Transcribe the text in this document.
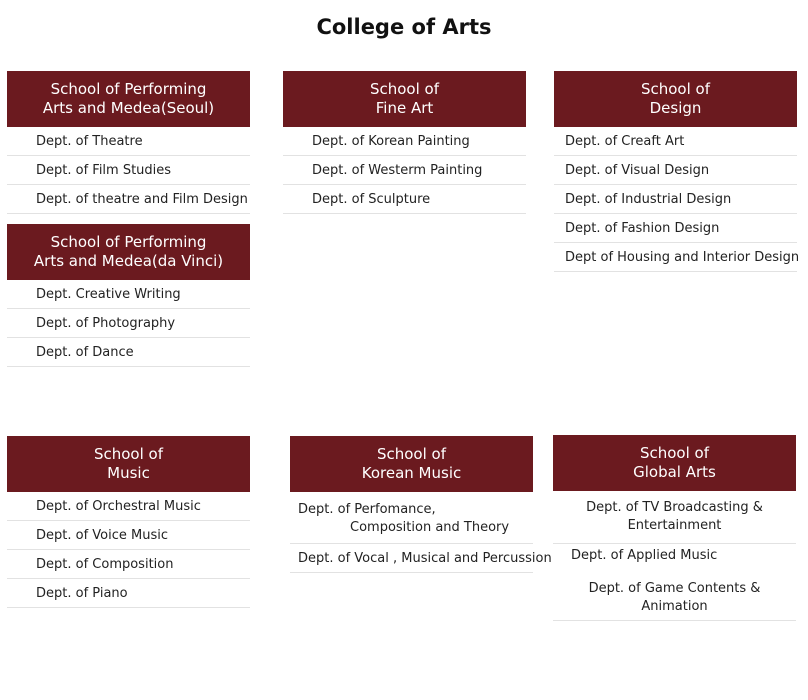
College of Arts
School of Performing
Arts and Medea(Seoul)
Dept. of Theatre
Dept. of Film Studies
Dept. of theatre and Film Design
School of Performing
Arts and Medea(da Vinci)
Dept. Creative Writing
Dept. of Photography
Dept. of Dance
School of
Fine Art
Dept. of Korean Painting
Dept. of Westerm Painting
Dept. of Sculpture
School of
Design
Dept. of Creaft Art
Dept. of Visual Design
Dept. of Industrial Design
Dept. of Fashion Design
Dept of Housing and Interior Design
School of
Music
Dept. of Orchestral Music
Dept. of Voice Music
Dept. of Composition
Dept. of Piano
School of
Korean Music
Dept. of Perfomance,
Composition and Theory
Dept. of Vocal , Musical and Percussion
School of
Global Arts
Dept. of TV Broadcasting &
Entertainment
Dept. of Applied Music
Dept. of Game Contents &
Animation
